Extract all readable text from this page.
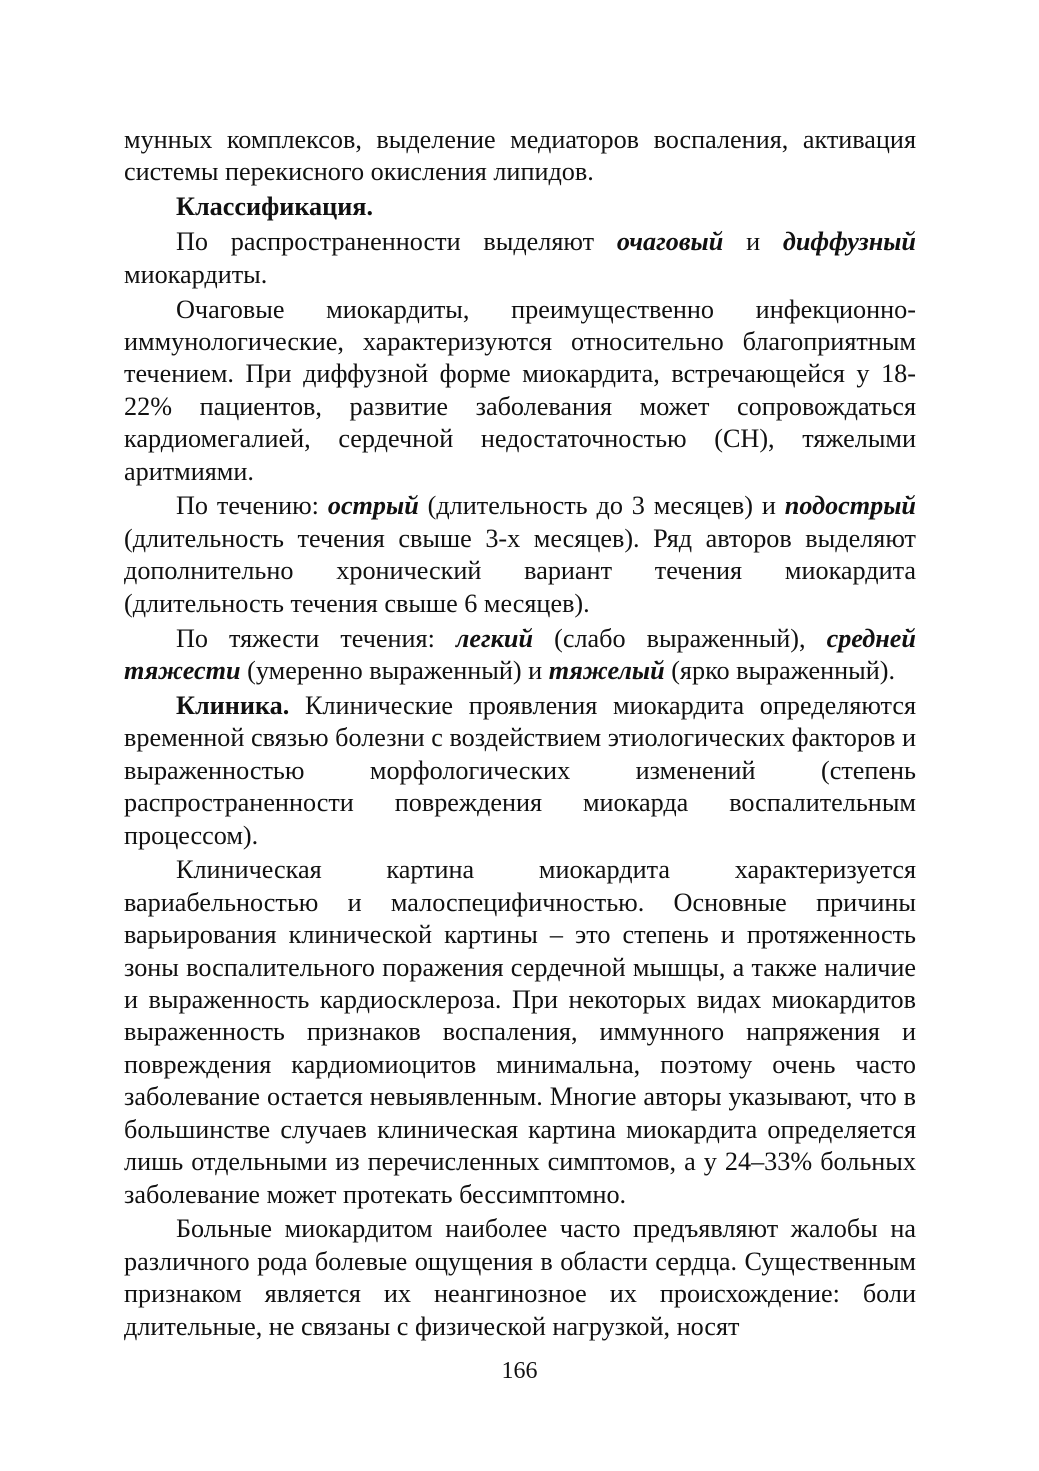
мунных комплексов, выделение медиаторов воспаления, активация системы перекисного окисления липидов.

Классификация.

По распространенности выделяют очаговый и диффузный миокардиты.

Очаговые миокардиты, преимущественно инфекционно-иммунологические, характеризуются относительно благоприятным течением. При диффузной форме миокардита, встречающейся у 18-22% пациентов, развитие заболевания может сопровождаться кардиомегалией, сердечной недостаточностью (СН), тяжелыми аритмиями.

По течению: острый (длительность до 3 месяцев) и подострый (длительность течения свыше 3-х месяцев). Ряд авторов выделяют дополнительно хронический вариант течения миокардита (длительность течения свыше 6 месяцев).

По тяжести течения: легкий (слабо выраженный), средней тяжести (умеренно выраженный) и тяжелый (ярко выраженный).

Клиника. Клинические проявления миокардита определяются временной связью болезни с воздействием этиологических факторов и выраженностью морфологических изменений (степень распространенности повреждения миокарда воспалительным процессом).

Клиническая картина миокардита характеризуется вариабельностью и малоспецифичностью. Основные причины варьирования клинической картины – это степень и протяженность зоны воспалительного поражения сердечной мышцы, а также наличие и выраженность кардиосклероза. При некоторых видах миокардитов выраженность признаков воспаления, иммунного напряжения и повреждения кардиомиоцитов минимальна, поэтому очень часто заболевание остается невыявленным. Многие авторы указывают, что в большинстве случаев клиническая картина миокардита определяется лишь отдельными из перечисленных симптомов, а у 24–33% больных заболевание может протекать бессимптомно.

Больные миокардитом наиболее часто предъявляют жалобы на различного рода болевые ощущения в области сердца. Существенным признаком является их неангинозное их происхождение: боли длительные, не связаны с физической нагрузкой, носят

166
